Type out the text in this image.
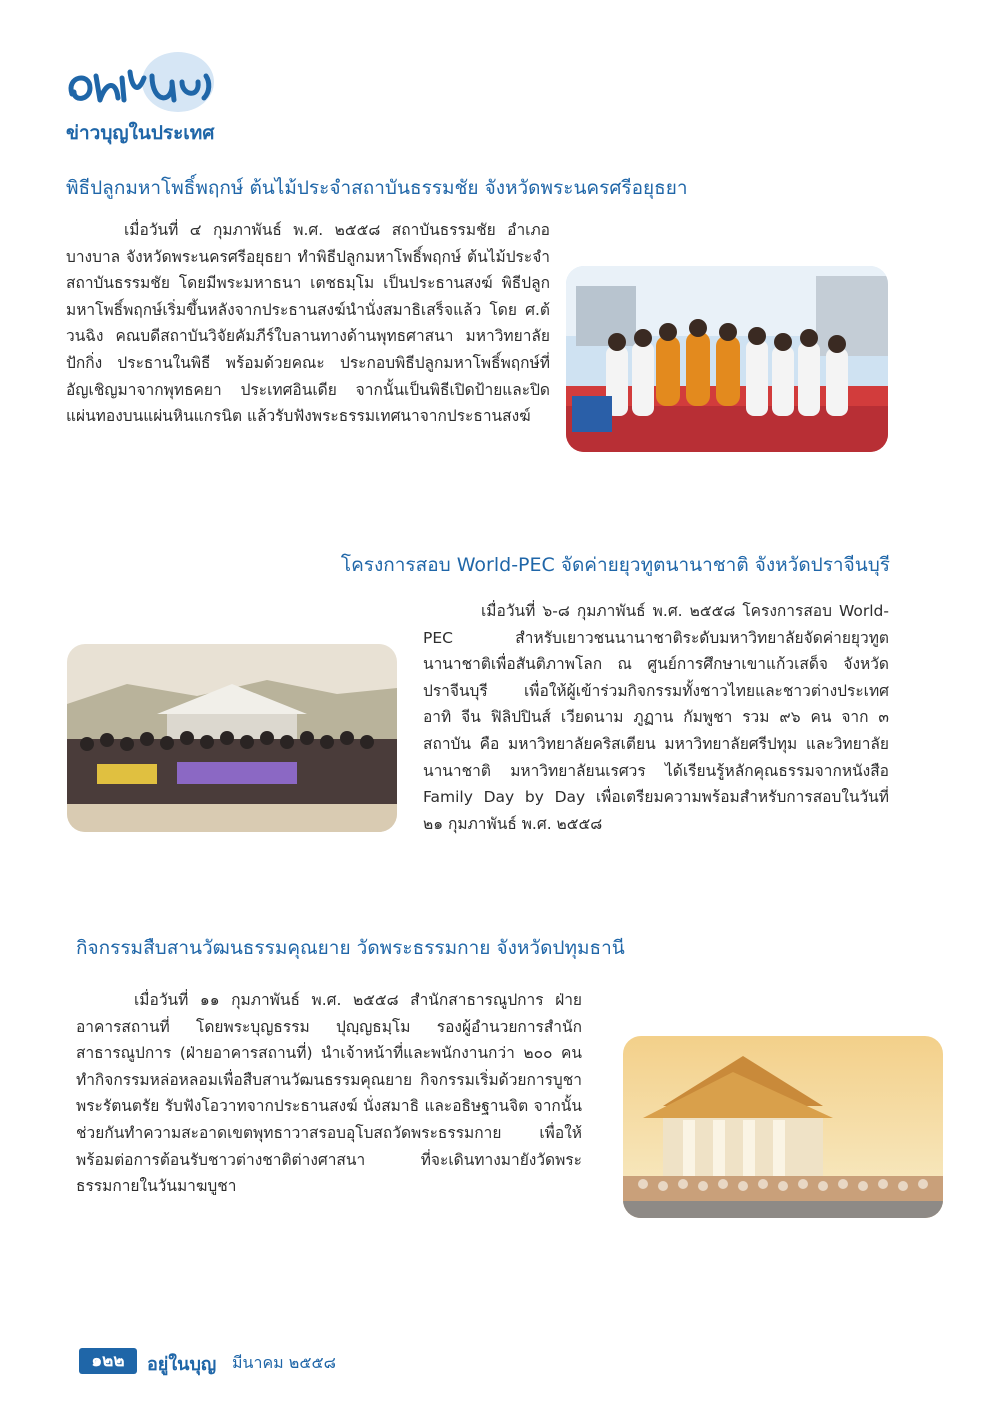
ข่าวบุญในประเทศ
พิธีปลูกมหาโพธิ์พฤกษ์ ต้นไม้ประจำสถาบันธรรมชัย จังหวัดพระนครศรีอยุธยา
เมื่อวันที่ ๔ กุมภาพันธ์ พ.ศ. ๒๕๕๘ สถาบันธรรมชัย อำเภอบางบาล จังหวัดพระนครศรีอยุธยา ทำพิธีปลูกมหาโพธิ์พฤกษ์ ต้นไม้ประจำสถาบันธรรมชัย โดยมีพระมหาธนา เตชธมฺโม เป็นประธานสงฆ์ พิธีปลูกมหาโพธิ์พฤกษ์เริ่มขึ้นหลังจากประธานสงฆ์นำนั่งสมาธิเสร็จแล้ว โดย ศ.ต้วนฉิง คณบดีสถาบันวิจัยคัมภีร์ใบลานทางด้านพุทธศาสนา มหาวิทยาลัยปักกิ่ง ประธานในพิธี พร้อมด้วยคณะ ประกอบพิธีปลูกมหาโพธิ์พฤกษ์ที่อัญเชิญมาจากพุทธคยา ประเทศอินเดีย จากนั้นเป็นพิธีเปิดป้ายและปิดแผ่นทองบนแผ่นหินแกรนิต แล้วรับฟังพระธรรมเทศนาจากประธานสงฆ์
โครงการสอบ World-PEC จัดค่ายยุวทูตนานาชาติ จังหวัดปราจีนบุรี
เมื่อวันที่ ๖-๘ กุมภาพันธ์ พ.ศ. ๒๕๕๘ โครงการสอบ World-PEC สำหรับเยาวชนนานาชาติระดับมหาวิทยาลัยจัดค่ายยุวทูตนานาชาติเพื่อสันติภาพโลก ณ ศูนย์การศึกษาเขาแก้วเสด็จ จังหวัดปราจีนบุรี เพื่อให้ผู้เข้าร่วมกิจกรรมทั้งชาวไทยและชาวต่างประเทศ อาทิ จีน ฟิลิปปินส์ เวียดนาม ภูฏาน กัมพูชา รวม ๙๖ คน จาก ๓ สถาบัน คือ มหาวิทยาลัยคริสเตียน มหาวิทยาลัยศรีปทุม และวิทยาลัยนานาชาติ มหาวิทยาลัยนเรศวร ได้เรียนรู้หลักคุณธรรมจากหนังสือ Family Day by Day เพื่อเตรียมความพร้อมสำหรับการสอบในวันที่ ๒๑ กุมภาพันธ์ พ.ศ. ๒๕๕๘
กิจกรรมสืบสานวัฒนธรรมคุณยาย วัดพระธรรมกาย จังหวัดปทุมธานี
เมื่อวันที่ ๑๑ กุมภาพันธ์ พ.ศ. ๒๕๕๘ สำนักสาธารณูปการ ฝ่ายอาคารสถานที่ โดยพระบุญธรรม ปุญฺญธมฺโม รองผู้อำนวยการสำนักสาธารณูปการ (ฝ่ายอาคารสถานที่) นำเจ้าหน้าที่และพนักงานกว่า ๒๐๐ คน ทำกิจกรรมหล่อหลอมเพื่อสืบสานวัฒนธรรมคุณยาย กิจกรรมเริ่มด้วยการบูชาพระรัตนตรัย รับฟังโอวาทจากประธานสงฆ์ นั่งสมาธิ และอธิษฐานจิต จากนั้นช่วยกันทำความสะอาดเขตพุทธาวาสรอบอุโบสถวัดพระธรรมกาย เพื่อให้พร้อมต่อการต้อนรับชาวต่างชาติต่างศาสนา ที่จะเดินทางมายังวัดพระธรรมกายในวันมาฆบูชา
๑๒๒	อยู่ในบุญ มีนาคม ๒๕๕๘
